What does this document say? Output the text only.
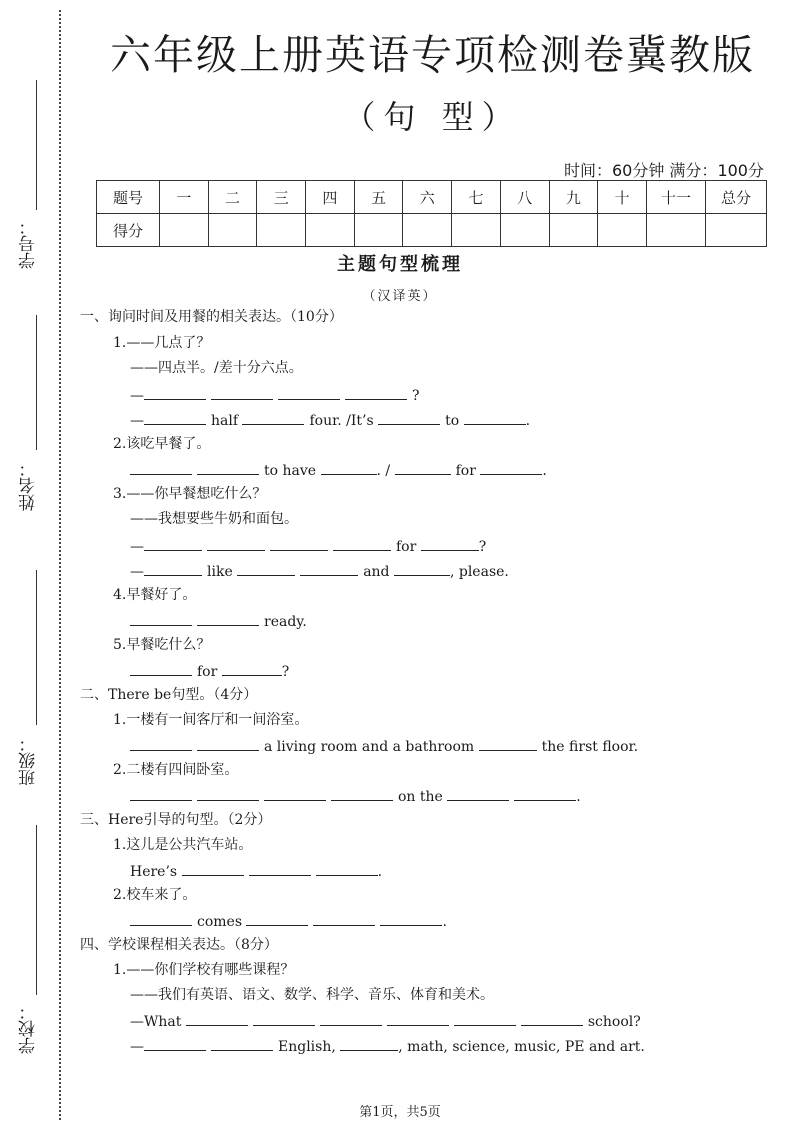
学号：
姓名：
班级：
学校：
六年级上册英语专项检测卷冀教版
（句 型）
时间：60分钟 满分：100分
题号	一	二	三	四	五	六	七	八	九	十	十一	总分
得分												
主题句型梳理
（汉译英）
一、询问时间及用餐的相关表达。（10分）
1.——几点了？
——四点半。/差十分六点。
—	?
—	half	four. /It’s	to	.
2.该吃早餐了。
to have	. /	for	.
3.——你早餐想吃什么？
——我想要些牛奶和面包。
—	for	?
—	like	and	, please.
4.早餐好了。
ready.
5.早餐吃什么？
for	?
二、There be句型。（4分）
1.一楼有一间客厅和一间浴室。
a living room and a bathroom	the first floor.
2.二楼有四间卧室。
on the	.
三、Here引导的句型。（2分）
1.这儿是公共汽车站。
Here’s	.
2.校车来了。
comes	.
四、学校课程相关表达。（8分）
1.——你们学校有哪些课程？
——我们有英语、语文、数学、科学、音乐、体育和美术。
—What	school?
—	English,	, math, science, music, PE and art.
第1页，共5页
